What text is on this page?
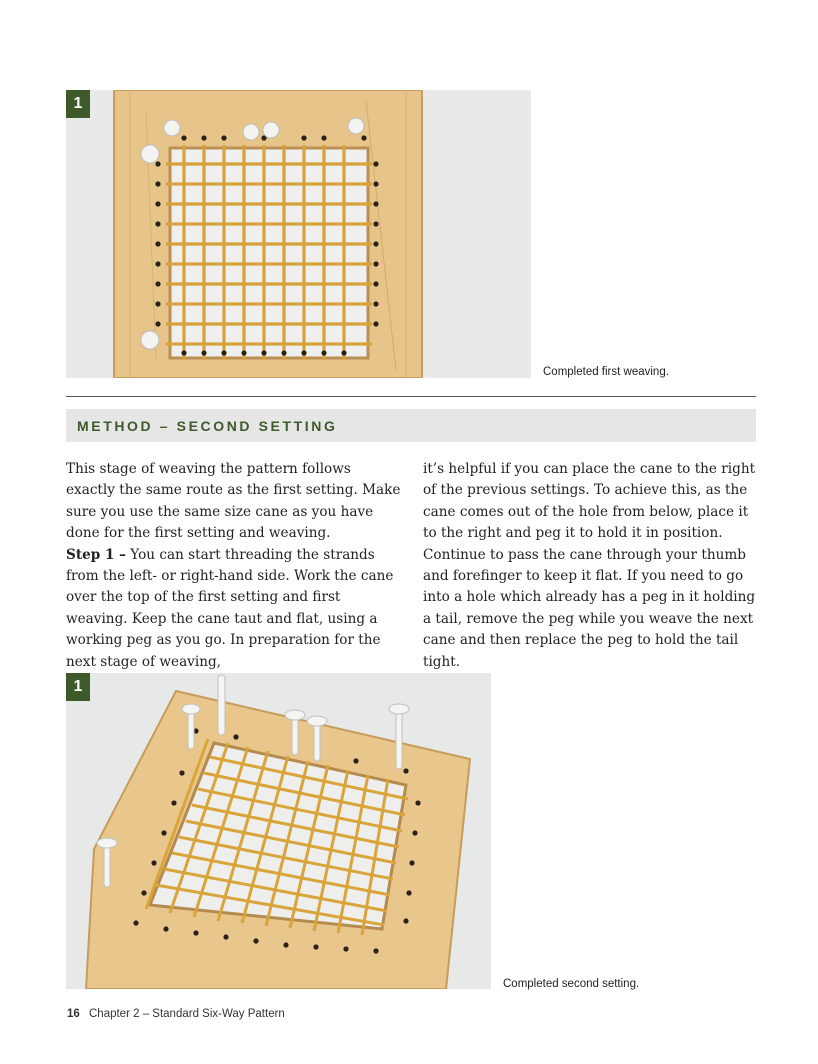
1
Completed first weaving.
METHOD – SECOND SETTING

This stage of weaving the pattern follows exactly the same route as the first setting. Make sure you use the same size cane as you have done for the first setting and weaving.

Step 1 – You can start threading the strands from the left- or right-hand side. Work the cane over the top of the first setting and first weaving. Keep the cane taut and flat, using a working peg as you go. In preparation for the next stage of weaving,

it’s helpful if you can place the cane to the right of the previous settings. To achieve this, as the cane comes out of the hole from below, place it to the right and peg it to hold it in position. Continue to pass the cane through your thumb and forefinger to keep it flat. If you need to go into a hole which already has a peg in it holding a tail, remove the peg while you weave the next cane and then replace the peg to hold the tail tight.

1
Completed second setting.
16 Chapter 2 – Standard Six-Way Pattern
